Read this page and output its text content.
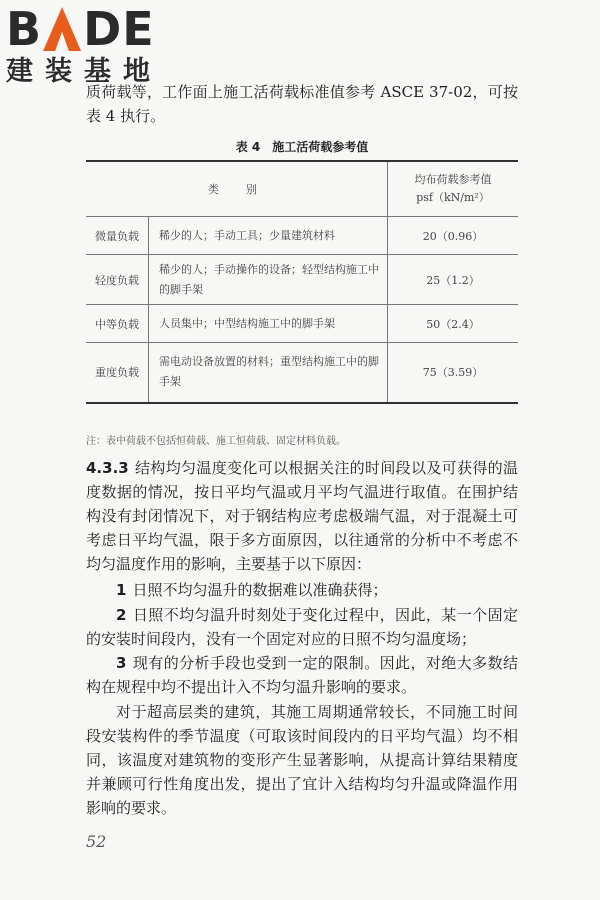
B D E
建装基地

质荷载等，工作面上施工活荷载标准值参考 ASCE 37-02，可按表 4 执行。

表 4　施工活荷载参考值

类　别		均布荷载参考值
psf（kN/m²）

微量负载	稀少的人；手动工具；少量建筑材料	20（0.96）
轻度负载	稀少的人；手动操作的设备；轻型结构施工中的脚手架	25（1.2）
中等负载	人员集中；中型结构施工中的脚手架	50（2.4）
重度负载	需电动设备放置的材料；重型结构施工中的脚手架	75（3.59）

注：表中荷载不包括恒荷载、施工恒荷载、固定材料负载。

4.3.3 结构均匀温度变化可以根据关注的时间段以及可获得的温度数据的情况，按日平均气温或月平均气温进行取值。在围护结构没有封闭情况下，对于钢结构应考虑极端气温，对于混凝土可考虑日平均气温，限于多方面原因，以往通常的分析中不考虑不均匀温度作用的影响，主要基于以下原因：

1 日照不均匀温升的数据难以准确获得；

2 日照不均匀温升时刻处于变化过程中，因此，某一个固定的安装时间段内，没有一个固定对应的日照不均匀温度场；

3 现有的分析手段也受到一定的限制。因此，对绝大多数结构在规程中均不提出计入不均匀温升影响的要求。

对于超高层类的建筑，其施工周期通常较长，不同施工时间段安装构件的季节温度（可取该时间段内的日平均气温）均不相同，该温度对建筑物的变形产生显著影响，从提高计算结果精度并兼顾可行性角度出发，提出了宜计入结构均匀升温或降温作用影响的要求。

52
